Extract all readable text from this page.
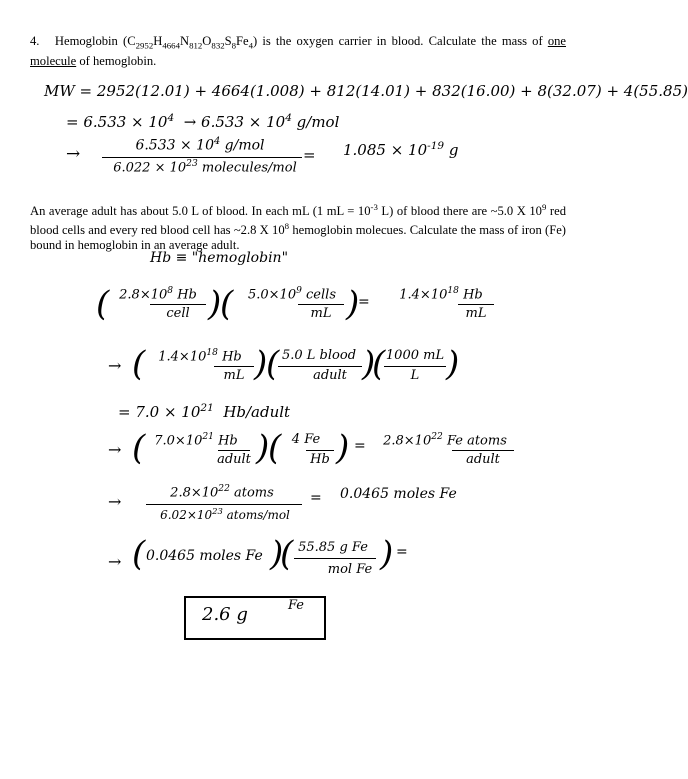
4. Hemoglobin $(C_{2952}H_{4664}N_{812}O_{832}S_8Fe_4)$ is the oxygen carrier in blood. Calculate the mass of one molecule of hemoglobin.
MW = 2952(12.01) + 4664(1.008) + 812(14.01) + 832(16.00) + 8(32.07) + 4(55.85)
= $6.533 \times 10^4 \to 6.533 \times 10^4$ g/mol
→	$6.533 \times 10^4$ g/mol
$6.022 \times 10^{23}$ molecules/mol
= $1.085 \times 10^{-19}$ g
An average adult has about 5.0 L of blood. In each mL (1 mL = $10^{-3}$ L) of blood there are ~5.0 X $10^9$ red blood cells and every red blood cell has ~2.8 X $10^8$ hemoglobin molecues. Calculate the mass of iron (Fe) bound in hemoglobin in an average adult.
Hb ≡ "hemoglobin"
( $2.8\times 10^8$ Hb
cell )
(	$5.0\times 10^9$ cells
mL )
=	$1.4\times 10^{18}$ Hb
mL
→ ( $1.4\times 10^{18}$ Hb
mL )
( 5.0 L blood
adult )
( 1000 mL
L )
= $7.0 \times 10^{21}$ Hb/adult
→ ( $7.0\times 10^{21}$ Hb
adult )
( 4 Fe
Hb ) =	$2.8\times 10^{22}$ Fe atoms
adult
→	$2.8\times 10^{22}$ atoms
$6.02\times 10^{23}$ atoms/mol
= 0.0465 moles Fe
→ ( 0.0465 moles Fe )
( 55.85 g Fe
mol Fe ) =
2.6 g	Fe
